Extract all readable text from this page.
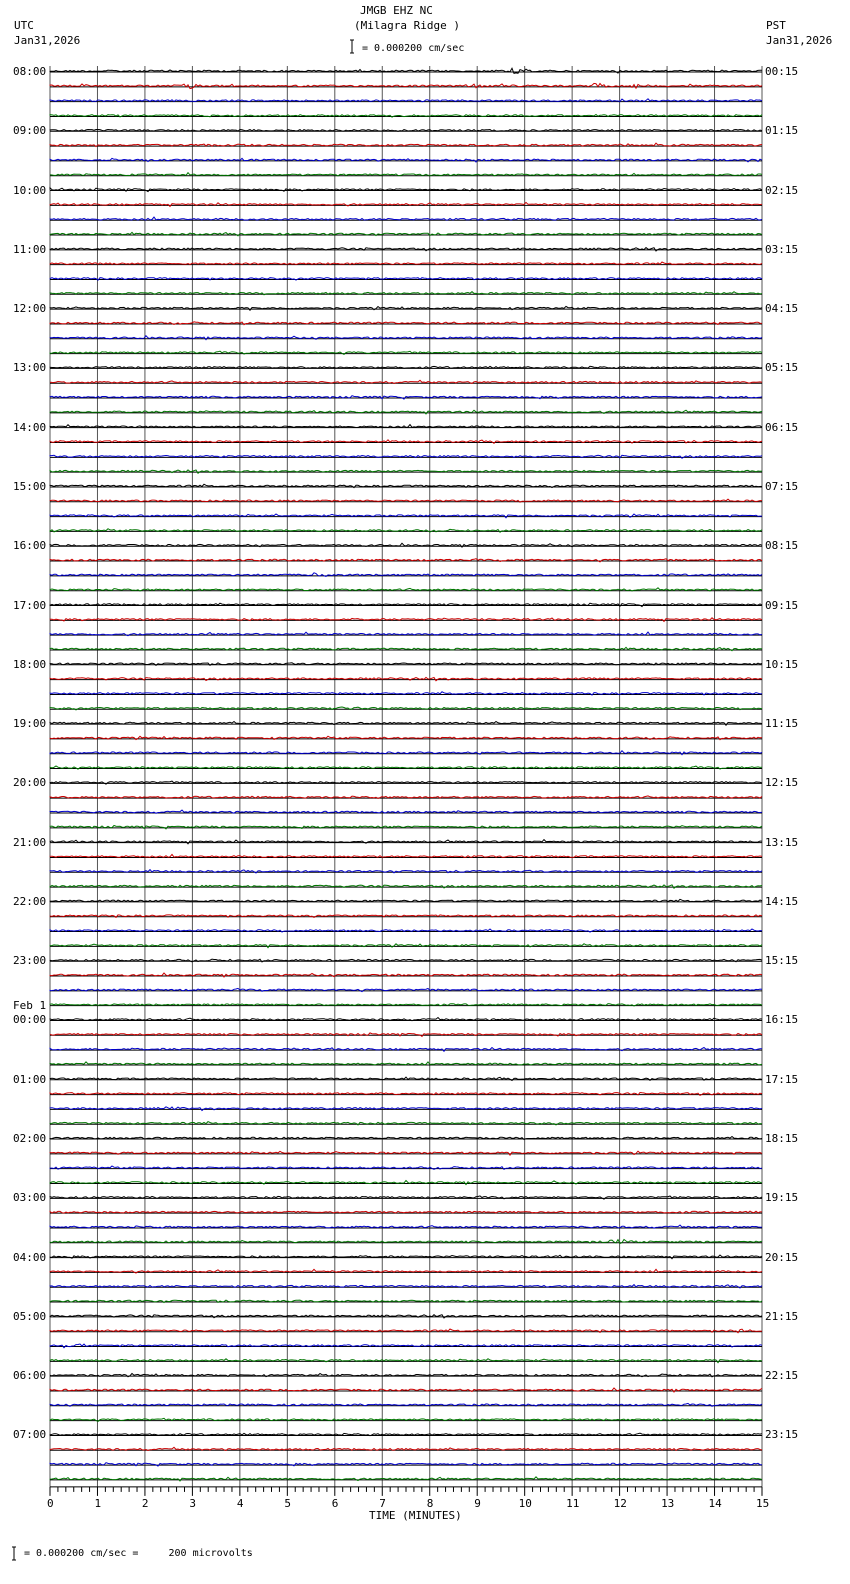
JMGB EHZ NC
(Milagra Ridge )
= 0.000200 cm/sec
UTC
Jan31,2026
PST
Jan31,2026
08:00
09:00
10:00
11:00
12:00
13:00
14:00
15:00
16:00
17:00
18:00
19:00
20:00
21:00
22:00
23:00
00:00
01:00
02:00
03:00
04:00
05:00
06:00
07:00
Feb 1
00:15
01:15
02:15
03:15
04:15
05:15
06:15
07:15
08:15
09:15
10:15
11:15
12:15
13:15
14:15
15:15
16:15
17:15
18:15
19:15
20:15
21:15
22:15
23:15
0	1	2	3	4	5	6	7	8	9	10	11	12	13	14	15
TIME (MINUTES)
= 0.000200 cm/sec =     200 microvolts
